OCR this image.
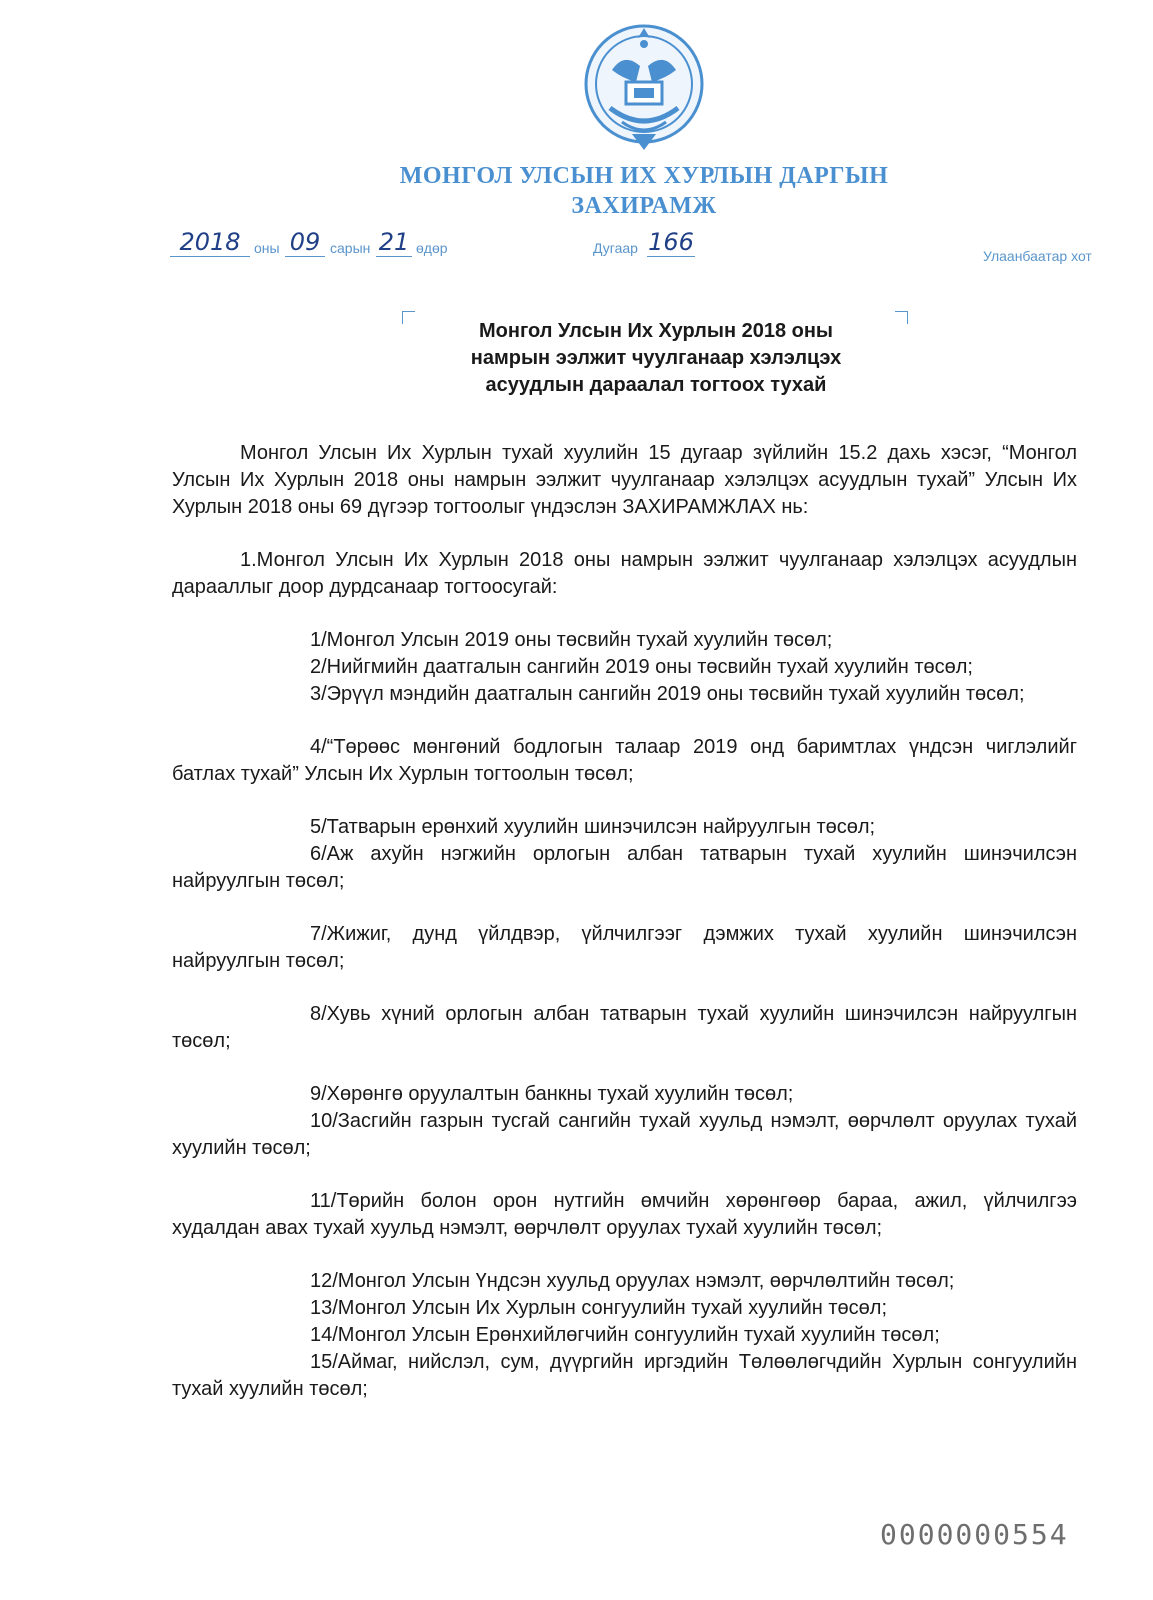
МОНГОЛ УЛСЫН ИХ ХУРЛЫН ДАРГЫН
ЗАХИРАМЖ
2018 оны 09 сарын 21 өдөр	Дугаар 166	Улаанбаатар хот
Монгол Улсын Их Хурлын 2018 оны
намрын ээлжит чуулганаар хэлэлцэх
асуудлын дараалал тогтоох тухай

Монгол Улсын Их Хурлын тухай хуулийн 15 дугаар зүйлийн 15.2 дахь хэсэг, “Монгол Улсын Их Хурлын 2018 оны намрын ээлжит чуулганаар хэлэлцэх асуудлын тухай” Улсын Их Хурлын 2018 оны 69 дүгээр тогтоолыг үндэслэн ЗАХИРАМЖЛАХ нь:

1.Монгол Улсын Их Хурлын 2018 оны намрын ээлжит чуулганаар хэлэлцэх асуудлын дарааллыг доор дурдсанаар тогтоосугай:

1/Монгол Улсын 2019 оны төсвийн тухай хуулийн төсөл;

2/Нийгмийн даатгалын сангийн 2019 оны төсвийн тухай хуулийн төсөл;

3/Эрүүл мэндийн даатгалын сангийн 2019 оны төсвийн тухай хуулийн төсөл;

4/“Төрөөс мөнгөний бодлогын талаар 2019 онд баримтлах үндсэн чиглэлийг батлах тухай” Улсын Их Хурлын тогтоолын төсөл;

5/Татварын ерөнхий хуулийн шинэчилсэн найруулгын төсөл;

6/Аж ахуйн нэгжийн орлогын албан татварын тухай хуулийн шинэчилсэн найруулгын төсөл;

7/Жижиг, дунд үйлдвэр, үйлчилгээг дэмжих тухай хуулийн шинэчилсэн найруулгын төсөл;

8/Хувь хүний орлогын албан татварын тухай хуулийн шинэчилсэн найруулгын төсөл;

9/Хөрөнгө оруулалтын банкны тухай хуулийн төсөл;

10/Засгийн газрын тусгай сангийн тухай хуульд нэмэлт, өөрчлөлт оруулах тухай хуулийн төсөл;

11/Төрийн болон орон нутгийн өмчийн хөрөнгөөр бараа, ажил, үйлчилгээ худалдан авах тухай хуульд нэмэлт, өөрчлөлт оруулах тухай хуулийн төсөл;

12/Монгол Улсын Үндсэн хуульд оруулах нэмэлт, өөрчлөлтийн төсөл;

13/Монгол Улсын Их Хурлын сонгуулийн тухай хуулийн төсөл;

14/Монгол Улсын Ерөнхийлөгчийн сонгуулийн тухай хуулийн төсөл;

15/Аймаг, нийслэл, сум, дүүргийн иргэдийн Төлөөлөгчдийн Хурлын сонгуулийн тухай хуулийн төсөл;

0000000554
